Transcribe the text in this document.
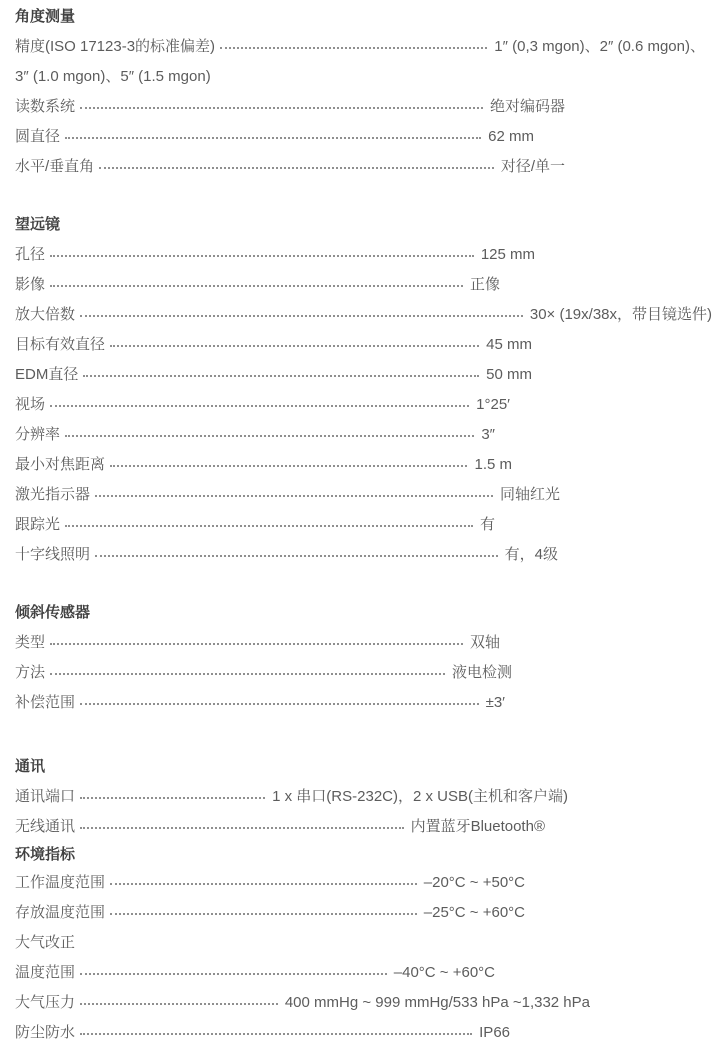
角度测量
精度(ISO 17123-3的标准偏差)	1″ (0,3 mgon)、2″ (0.6 mgon)、
3″ (1.0 mgon)、5″ (1.5 mgon)
读数系统	绝对编码器
圆直径	62 mm
水平/垂直角	对径/单一
望远镜
孔径	125 mm
影像	正像
放大倍数	30× (19x/38x，带目镜选件)
目标有效直径	45 mm
EDM直径	50 mm
视场	1°25′
分辨率	3″
最小对焦距离	1.5 m
激光指示器	同轴红光
跟踪光	有
十字线照明	有，4级
倾斜传感器
类型	双轴
方法	液电检测
补偿范围	±3′
通讯
通讯端口	1 x 串口(RS-232C)，2 x USB(主机和客户端)
无线通讯	内置蓝牙Bluetooth®
环境指标
工作温度范围	–20°C ~ +50°C
存放温度范围	–25°C ~ +60°C
大气改正
温度范围	–40°C ~ +60°C
大气压力	400 mmHg ~ 999 mmHg/533 hPa ~1,332 hPa
防尘防水	IP66
